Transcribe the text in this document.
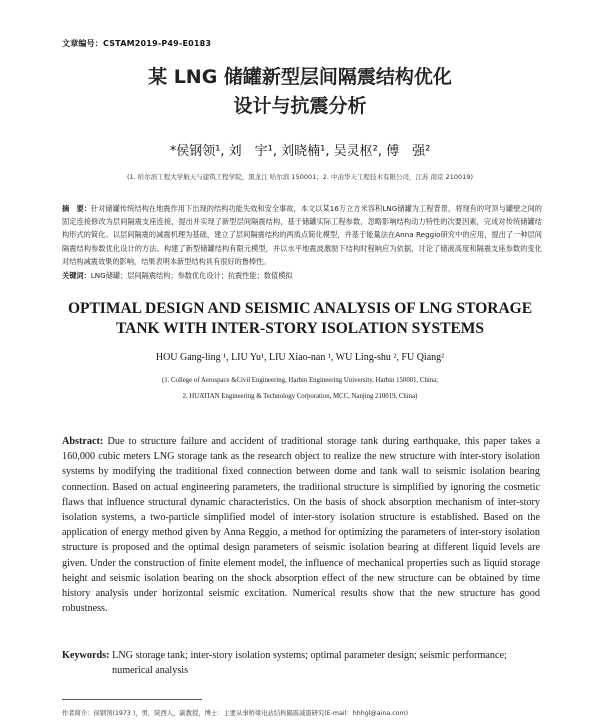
文章编号：CSTAM2019-P49-E0183
某 LNG 储罐新型层间隔震结构优化
设计与抗震分析
*侯钢领¹, 刘　宇¹, 刘晓楠¹, 吴灵枢², 傅　强²
(1. 哈尔滨工程大学航天与建筑工程学院，黑龙江 哈尔滨 150001；2. 中冶华天工程技术有限公司，江苏 南京 210019)
摘　要：针对储罐传统结构在地震作用下出现的结构功能失效和安全事故，本文以某16万立方米容积LNG储罐为工程背景，将现有的穹顶与罐壁之间的固定连接修改为层间隔震支座连接，提出并实现了新型层间隔震结构，基于储罐实际工程参数，忽略影响结构动力特性的次要因素，完成对传统储罐结构形式的简化。以层间隔震的减震机理为基础，建立了层间隔震结构的两质点简化模型，并基于能量法在Anna Reggio研究中的应用，提出了一种层间隔震结构参数优化设计的方法。构建了新型储罐结构有限元模型，并以水平地震波激励下结构时程响应为依据，讨论了储液高度和隔震支座参数的变化对结构减震效果的影响，结果表明本新型结构具有很好的鲁棒性。
关键词：LNG储罐；层间隔震结构；参数优化设计；抗震性能；数值模拟
OPTIMAL DESIGN AND SEISMIC ANALYSIS OF LNG STORAGE
TANK WITH INTER-STORY ISOLATION SYSTEMS
HOU Gang-ling ¹, LIU Yu¹, LIU Xiao-nan ¹, WU Ling-shu ², FU Qiang²
(1. College of Aerospace &Civil Engineering, Harbin Engineering University, Harbin 150001, China;
2. HUATIAN Engineering & Technology Corporation, MCC, Nanjing 210019, China)
Abstract: Due to structure failure and accident of traditional storage tank during earthquake, this paper takes a 160,000 cubic meters LNG storage tank as the research object to realize the new structure with inter-story isolation systems by modifying the traditional fixed connection between dome and tank wall to seismic isolation bearing connection. Based on actual engineering parameters, the traditional structure is simplified by ignoring the cosmetic flaws that influence structural dynamic characteristics. On the basis of shock absorption mechanism of inter-story isolation systems, a two-particle simplified model of inter-story isolation structure is established. Based on the application of energy method given by Anna Reggio, a method for optimizing the parameters of inter-story isolation structure is proposed and the optimal design parameters of seismic isolation bearing at different liquid levels are given. Under the construction of finite element model, the influence of mechanical properties such as liquid storage height and seismic isolation bearing on the shock absorption effect of the new structure can be obtained by time history analysis under horizontal seismic excitation. Numerical results show that the new structure has good robustness.
Keywords: LNG storage tank; inter-story isolation systems; optimal parameter design; seismic performance;
numerical analysis
作者简介：侯钢领(1973 )，男，陕西人，副教授，博士：主要从事桥梁电站结构隔震减震研究(E-mail：hhhgl@aina.com)
